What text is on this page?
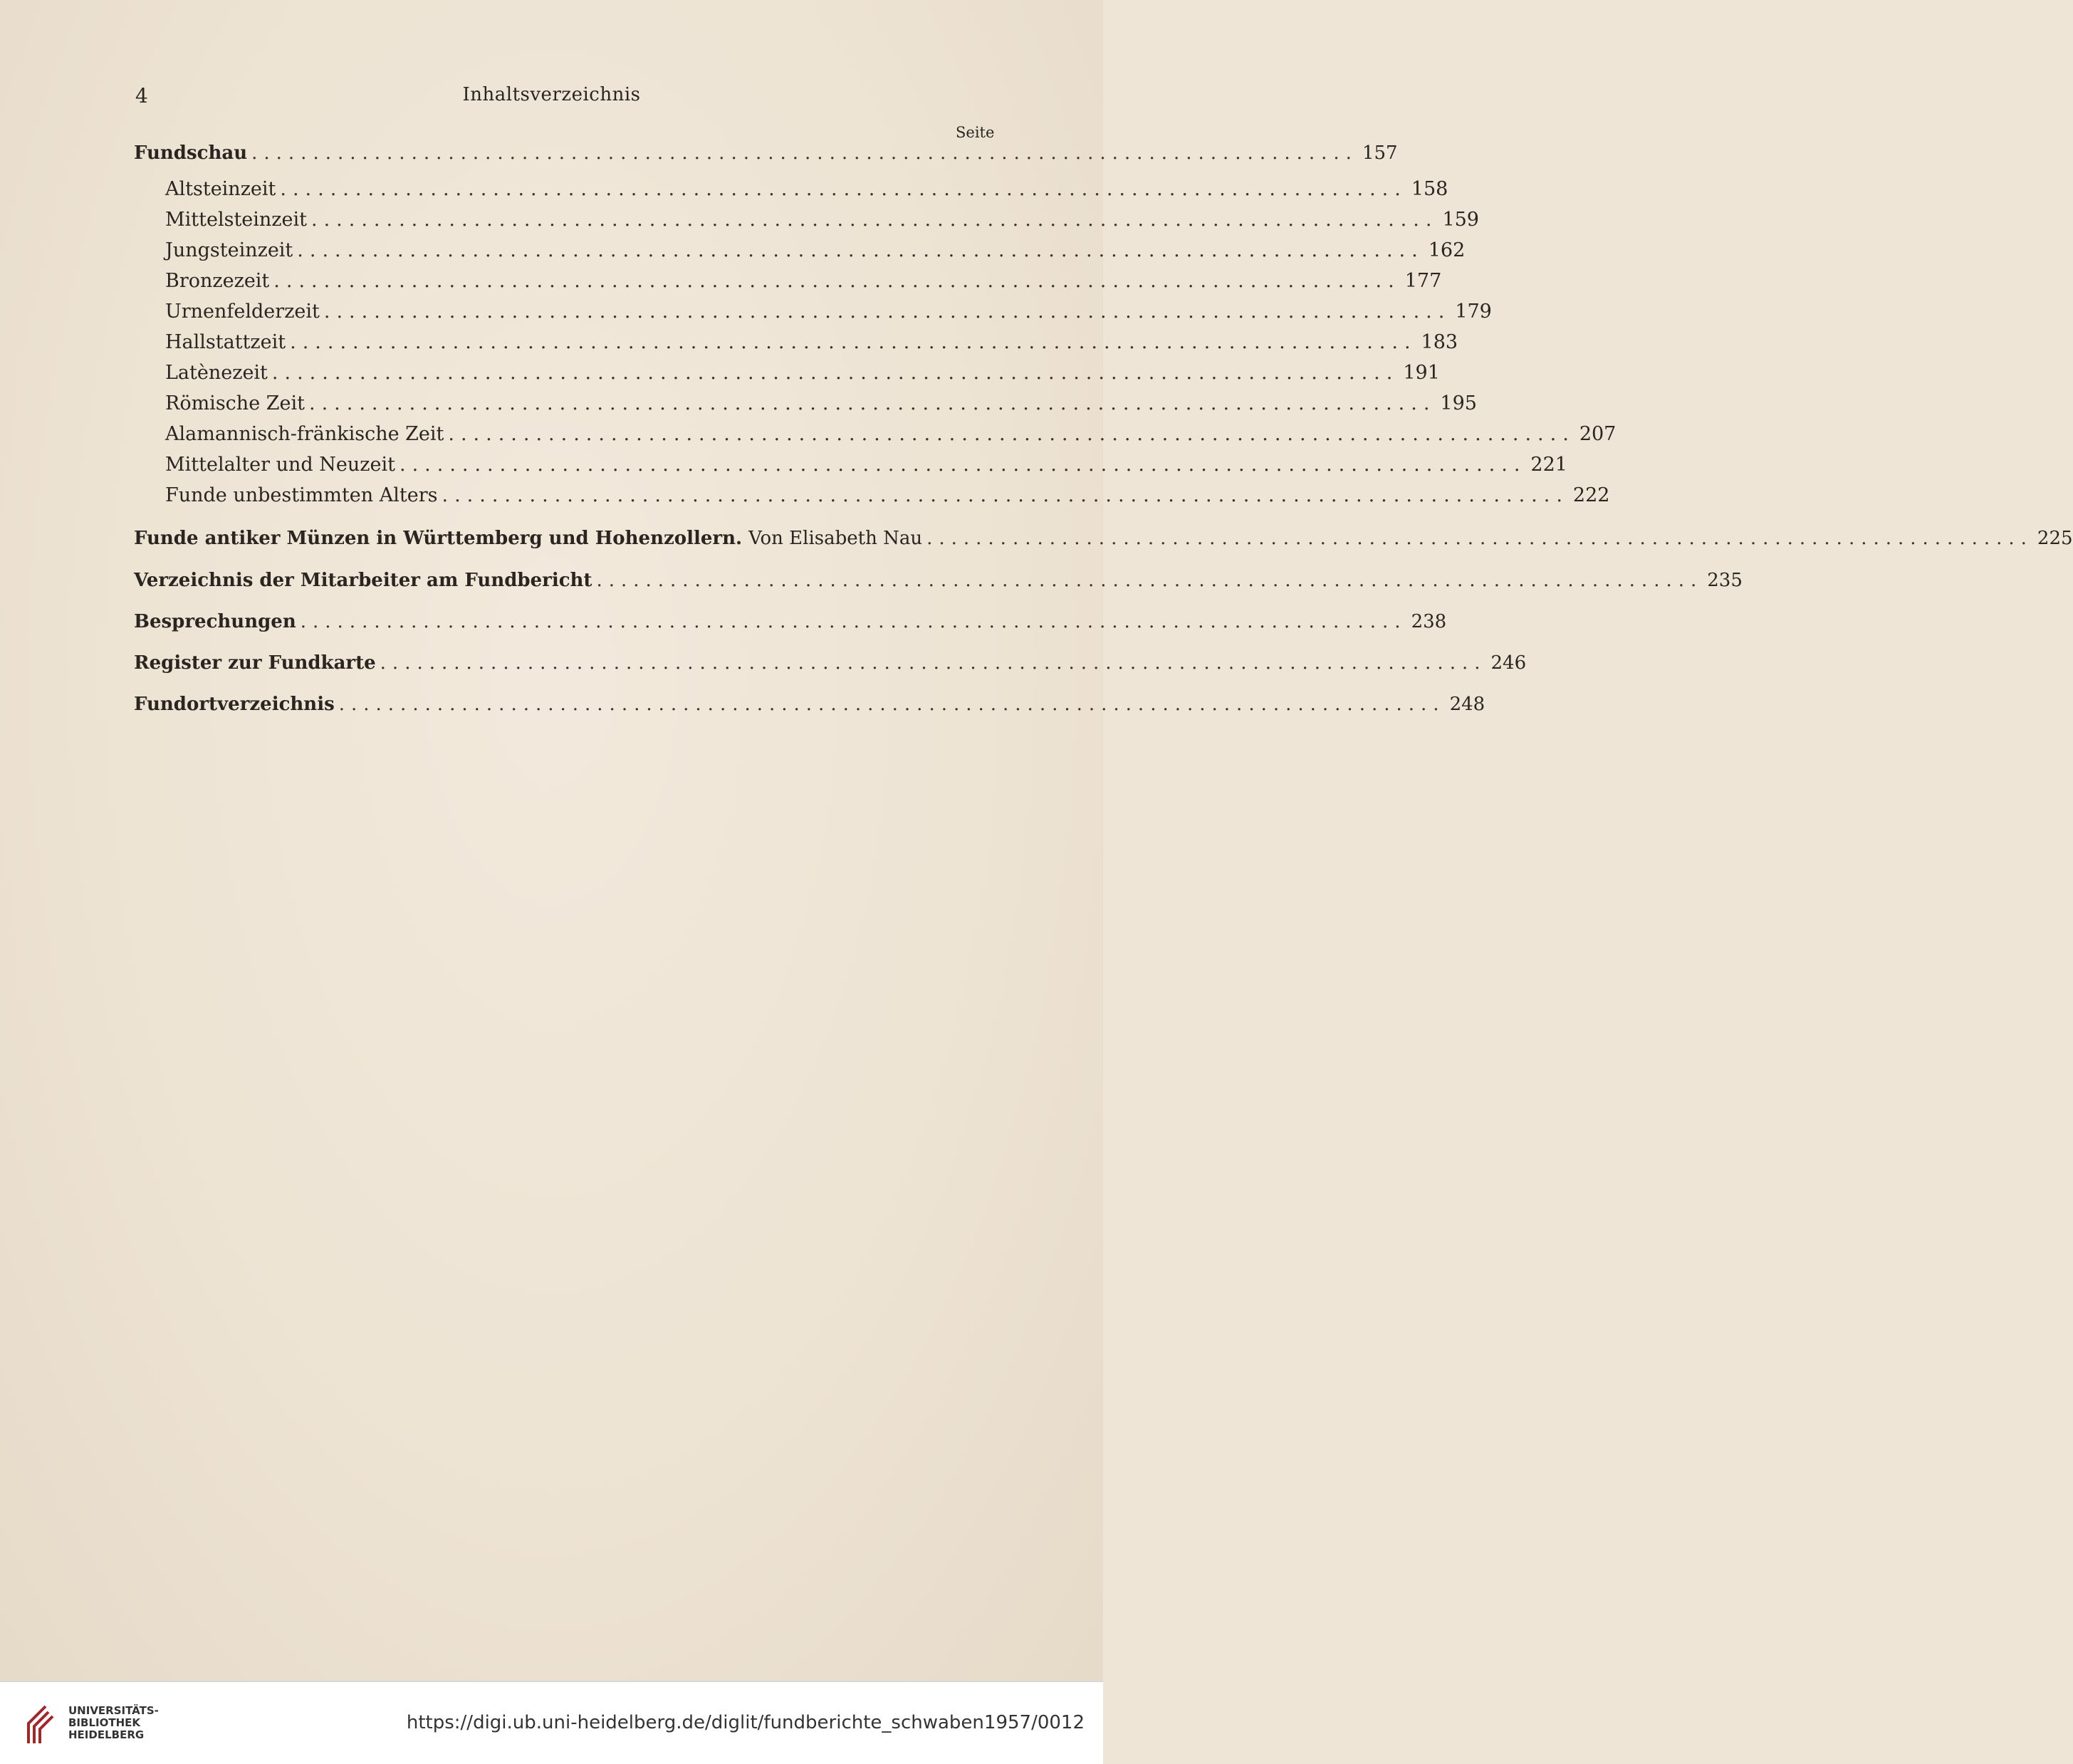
4	Inhaltsverzeichnis
Seite
Fundschau .......................................................................................... 157
Altsteinzeit .......................................................................................... 158
Mittelsteinzeit .......................................................................................... 159
Jungsteinzeit .......................................................................................... 162
Bronzezeit .......................................................................................... 177
Urnenfelderzeit .......................................................................................... 179
Hallstattzeit .......................................................................................... 183
Latènezeit .......................................................................................... 191
Römische Zeit .......................................................................................... 195
Alamannisch-fränkische Zeit .......................................................................................... 207
Mittelalter und Neuzeit .......................................................................................... 221
Funde unbestimmten Alters .......................................................................................... 222
Funde antiker Münzen in Württemberg und Hohenzollern. Von Elisabeth Nau .......................................................................................... 225
Verzeichnis der Mitarbeiter am Fundbericht .......................................................................................... 235
Besprechungen .......................................................................................... 238
Register zur Fundkarte .......................................................................................... 246
Fundortverzeichnis .......................................................................................... 248
UNIVERSITÄTS-
BIBLIOTHEK
HEIDELBERG
https://digi.ub.uni-heidelberg.de/diglit/fundberichte_schwaben1957/0012
